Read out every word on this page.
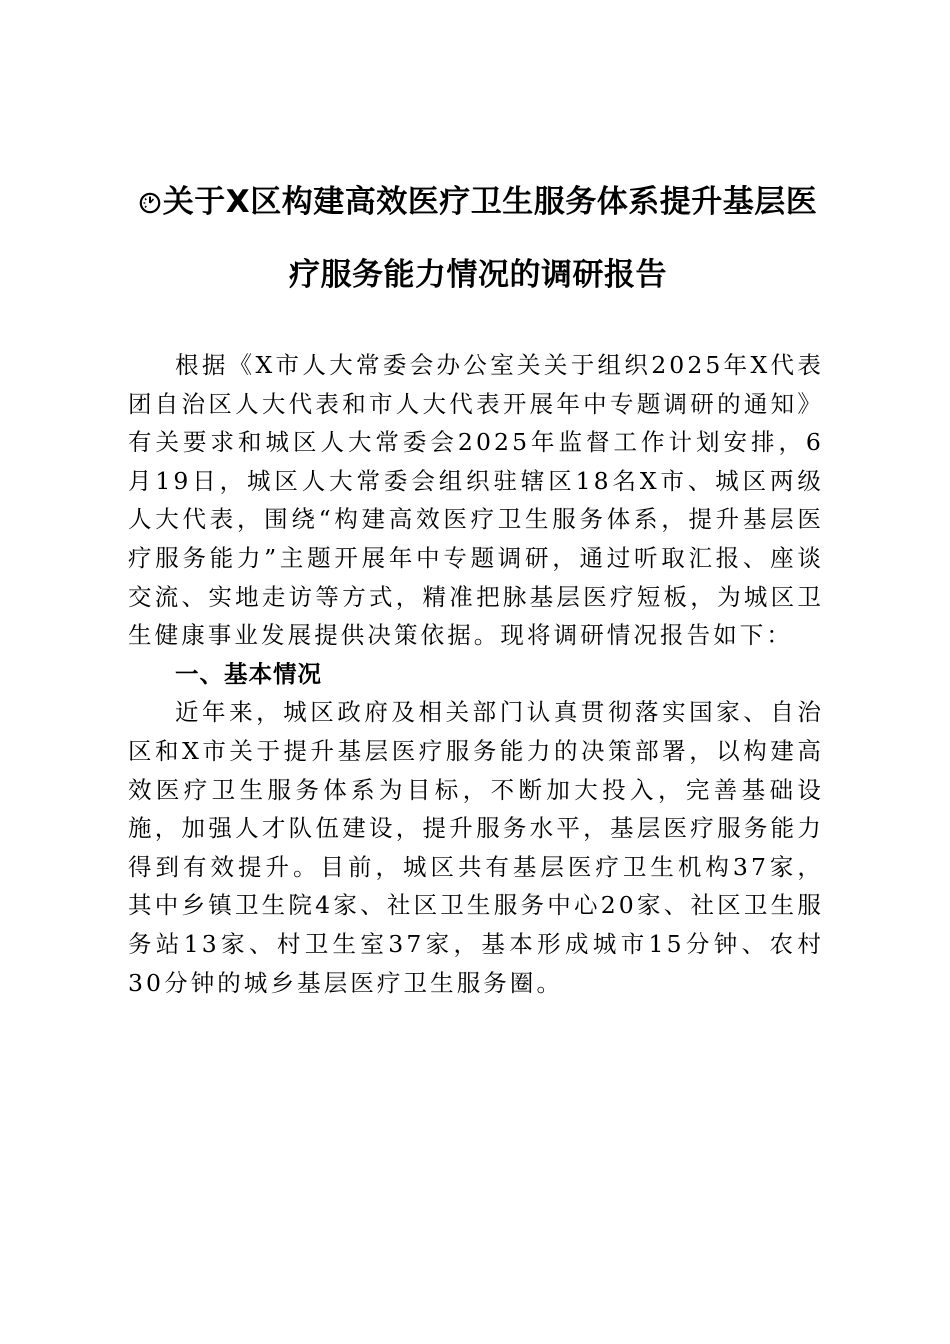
关于X区构建高效医疗卫生服务体系提升基层医
疗服务能力情况的调研报告

根据《X市人大常委会办公室关关于组织2025年X代表团自治区人大代表和市人大代表开展年中专题调研的通知》有关要求和城区人大常委会2025年监督工作计划安排，6月19日，城区人大常委会组织驻辖区18名X市、城区两级人大代表，围绕“构建高效医疗卫生服务体系，提升基层医疗服务能力”主题开展年中专题调研，通过听取汇报、座谈交流、实地走访等方式，精准把脉基层医疗短板，为城区卫生健康事业发展提供决策依据。现将调研情况报告如下：

一、基本情况

近年来，城区政府及相关部门认真贯彻落实国家、自治区和X市关于提升基层医疗服务能力的决策部署，以构建高效医疗卫生服务体系为目标，不断加大投入，完善基础设施，加强人才队伍建设，提升服务水平，基层医疗服务能力得到有效提升。目前，城区共有基层医疗卫生机构37家，其中乡镇卫生院4家、社区卫生服务中心20家、社区卫生服务站13家、村卫生室37家，基本形成城市15分钟、农村30分钟的城乡基层医疗卫生服务圈。
